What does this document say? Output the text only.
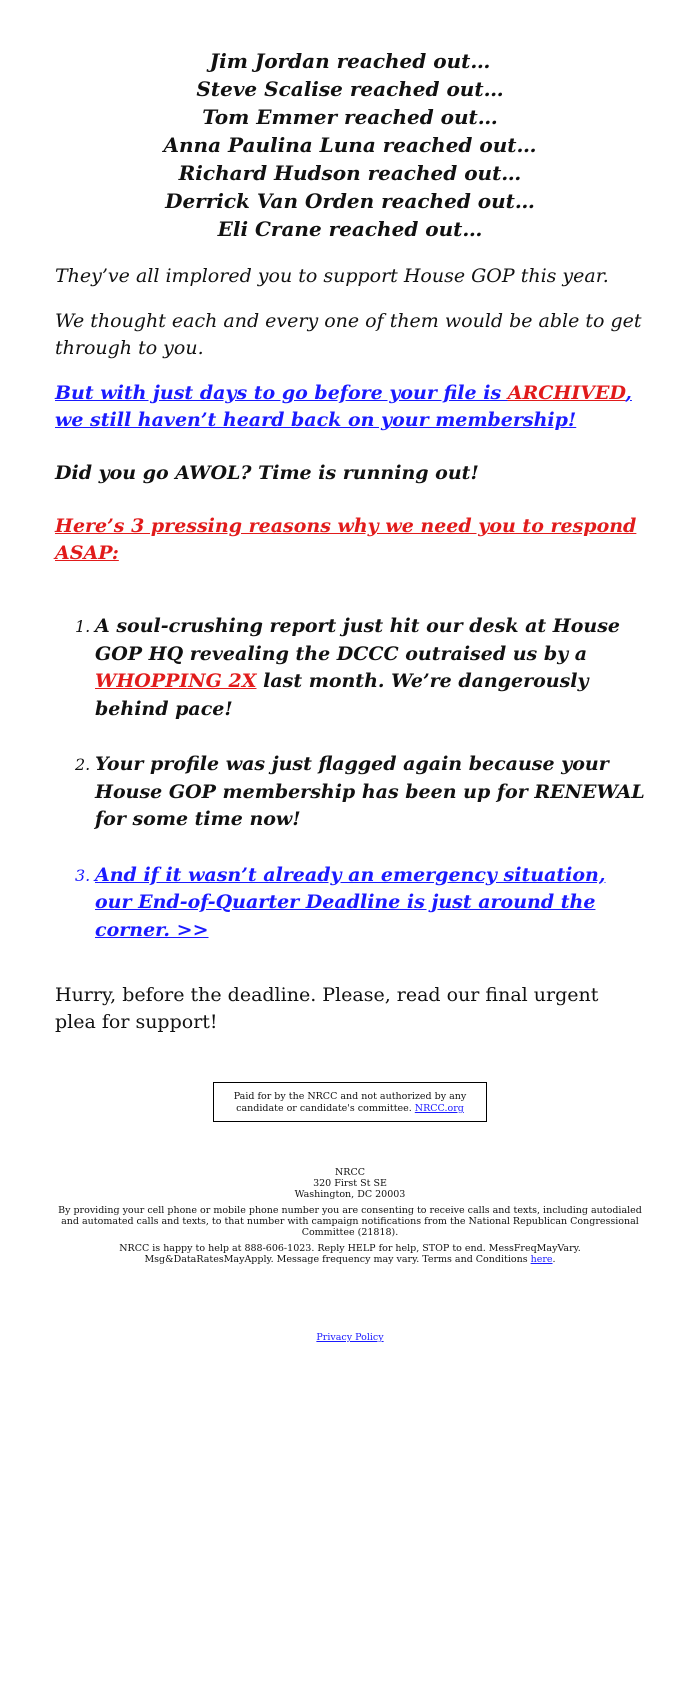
Jim Jordan reached out…
Steve Scalise reached out…
Tom Emmer reached out…
Anna Paulina Luna reached out…
Richard Hudson reached out…
Derrick Van Orden reached out…
Eli Crane reached out…

They’ve all implored you to support House GOP this year.

We thought each and every one of them would be able to get through to you.

But with just days to go before your file is ARCHIVED, we still haven’t heard back on your membership!

Did you go AWOL? Time is running out!

Here’s 3 pressing reasons why we need you to respond ASAP:

1. A soul-crushing report just hit our desk at House GOP HQ revealing the DCCC outraised us by a WHOPPING 2X last month. We’re dangerously behind pace!
2. Your profile was just flagged again because your House GOP membership has been up for RENEWAL for some time now!
3. And if it wasn’t already an emergency situation, our End-of-Quarter Deadline is just around the corner. >>

Hurry, before the deadline. Please, read our final urgent plea for support!

Paid for by the NRCC and not authorized by any candidate or candidate's committee. NRCC.org
NRCC
320 First St SE
Washington, DC 20003

By providing your cell phone or mobile phone number you are consenting to receive calls and texts, including autodialed and automated calls and texts, to that number with campaign notifications from the National Republican Congressional Committee (21818).

NRCC is happy to help at 888-606-1023. Reply HELP for help, STOP to end. MessFreqMayVary. Msg&DataRatesMayApply. Message frequency may vary. Terms and Conditions here.

Privacy Policy
